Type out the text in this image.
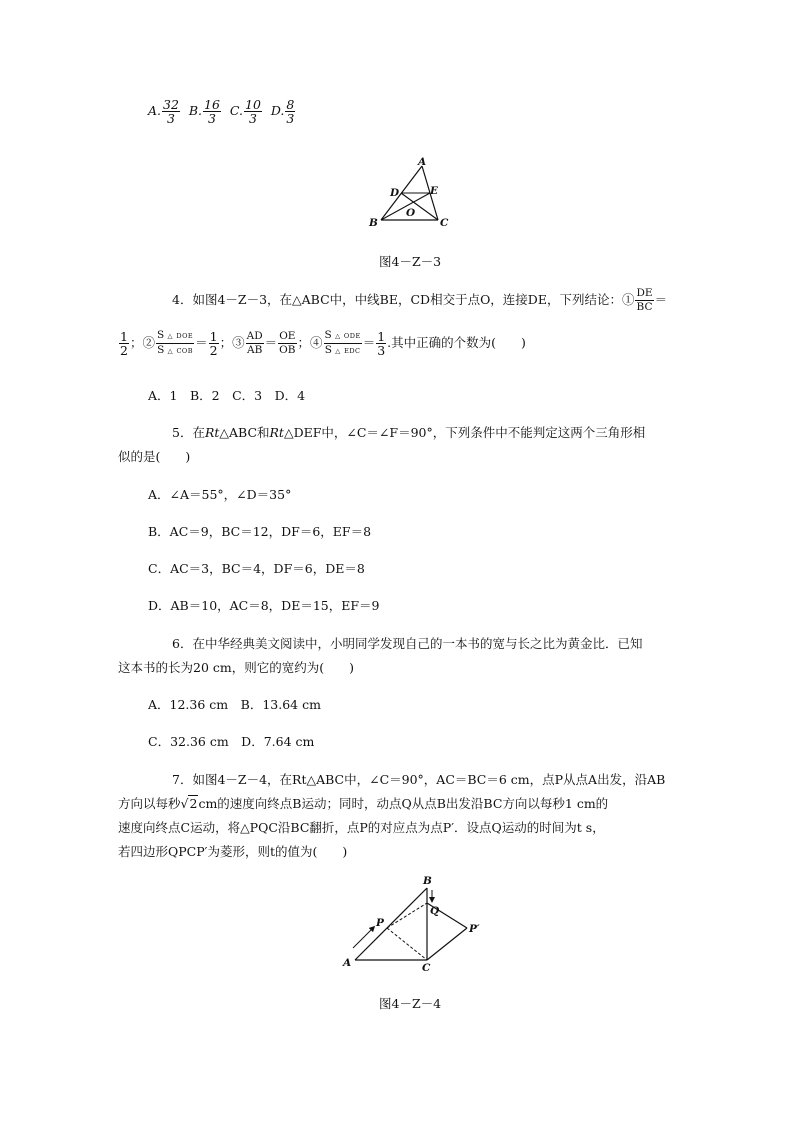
A. $\frac{32}{3} B$. $\frac{16}{3} C$. $\frac{10}{3} D$. $\frac{8}{3}$
A
B	C
D	E
O
图4－Z－3
4．如图4－Z－3，在△ABC中，中线BE，CD相交于点O，连接DE，下列结论：① $\frac{DE}{BC}$ ＝
$\frac{1}{2}$ ；② $\frac{\text{S △ DOE}}{\text{S △ COB}} = \frac{1}{2}$ ；③ $\frac{AD}{AB} = \frac{OE}{OB}$ ；④ $\frac{\text{S △ ODE}}{\text{S △ EDC}} = \frac{1}{3}$ .其中正确的个数为(　　)
A．1　B．2　C．3　D．4
5．在Rt△ABC和Rt△DEF中，∠C＝∠F＝90°，下列条件中不能判定这两个三角形相
似的是(　　)
A．∠A＝55°，∠D＝35°
B．AC＝9，BC＝12，DF＝6，EF＝8
C．AC＝3，BC＝4，DF＝6，DE＝8
D．AB＝10，AC＝8，DE＝15，EF＝9
6．在中华经典美文阅读中，小明同学发现自己的一本书的宽与长之比为黄金比．已知
这本书的长为20 cm，则它的宽约为(　　)
A．12.36 cm　B．13.64 cm
C．32.36 cm　D．7.64 cm
7．如图4－Z－4，在Rt△ABC中，∠C＝90°，AC＝BC＝6 cm，点P从点A出发，沿AB
方向以每秒√2cm的速度向终点B运动；同时，动点Q从点B出发沿BC方向以每秒1 cm的
速度向终点C运动，将△PQC沿BC翻折，点P的对应点为点P′．设点Q运动的时间为t s，
若四边形QPCP′为菱形，则t的值为(　　)
B
A	C
P
Q
P′
图4－Z－4
